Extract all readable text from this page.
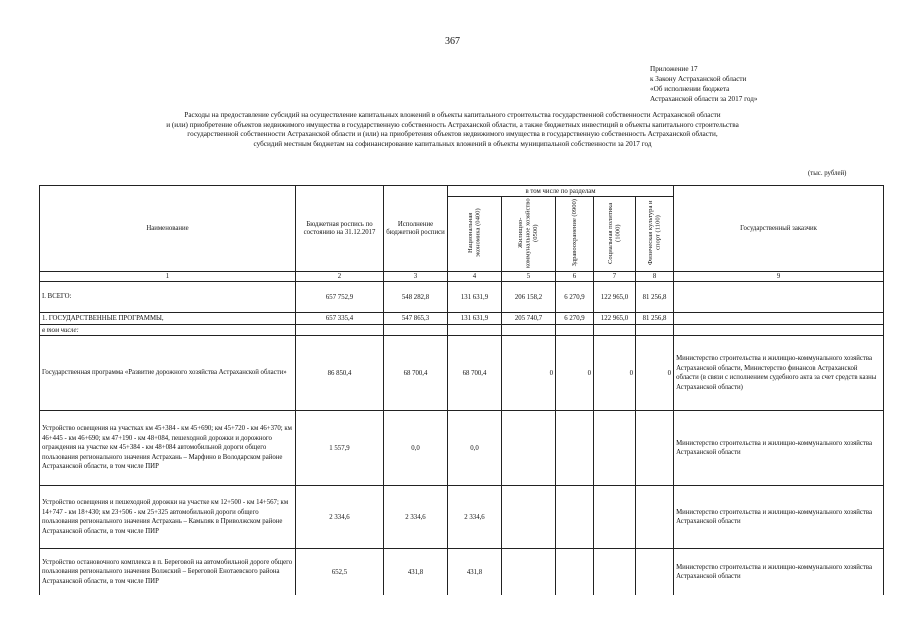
367
Приложение 17
к Закону Астраханской области
«Об исполнении бюджета
Астраханской области за 2017 год»
Расходы на предоставление субсидий на осуществление капитальных вложений в объекты капитального строительства государственной собственности Астраханской области
и (или) приобретение объектов недвижимого имущества в государственную собственность Астраханской области, а также бюджетных инвестиций в объекты капитального строительства
государственной собственности Астраханской области и (или) на приобретения объектов недвижимого имущества в государственную собственность Астраханской области,
субсидий местным бюджетам на софинансирование капитальных вложений в объекты муниципальной собственности за 2017 год
(тыс. рублей)
Наименование	Бюджетная роспись по состоянию на 31.12.2017	Исполнение бюджетной росписи	в том числе по разделам					Государственный заказчик
			Национальная экономика (0400)	Жилищно-коммунальное хозяйство (0500)	Здравоохранение (0900)	Социальная политика (1000)	Физическая культура и спорт (1100)	
1	2	3	4	5	6	7	8	9
I. ВСЕГО:	657 752,9	548 282,8	131 631,9	206 158,2	6 270,9	122 965,0	81 256,8	
1. ГОСУДАРСТВЕННЫЕ ПРОГРАММЫ,	657 335,4	547 865,3	131 631,9	205 740,7	6 270,9	122 965,0	81 256,8	
в том числе:								
Государственная программа «Развитие дорожного хозяйства Астраханской области»	86 850,4	68 700,4	68 700,4	0	0	0	0	Министерство строительства и жилищно-коммунального хозяйства Астраханской области, Министерство финансов Астраханской области (в связи с исполнением судебного акта за счет средств казны Астраханской области)
Устройство освещения на участках км 45+384 - км 45+690; км 45+720 - км 46+370; км 46+445 - км 46+690; км 47+190 - км 48+084, пешеходной дорожки и дорожного ограждения на участке км 45+384 - км 48+084 автомобильной дороги общего пользования регионального значения Астрахань – Марфино в Володарском районе Астраханской области, в том числе ПИР	1 557,9	0,0	0,0					Министерство строительства и жилищно-коммунального хозяйства Астраханской области
Устройство освещения и пешеходной дорожки на участке км 12+500 - км 14+567; км 14+747 - км 18+430; км 23+506 - км 25+325 автомобильной дороги общего пользования регионального значения Астрахань – Камызяк в Приволжском районе Астраханской области, в том числе ПИР	2 334,6	2 334,6	2 334,6					Министерство строительства и жилищно-коммунального хозяйства Астраханской области
Устройство остановочного комплекса в п. Береговой на автомобильной дороге общего пользования регионального значения Волжский – Береговой Енотаевского района Астраханской области, в том числе ПИР	652,5	431,8	431,8					Министерство строительства и жилищно-коммунального хозяйства Астраханской области
